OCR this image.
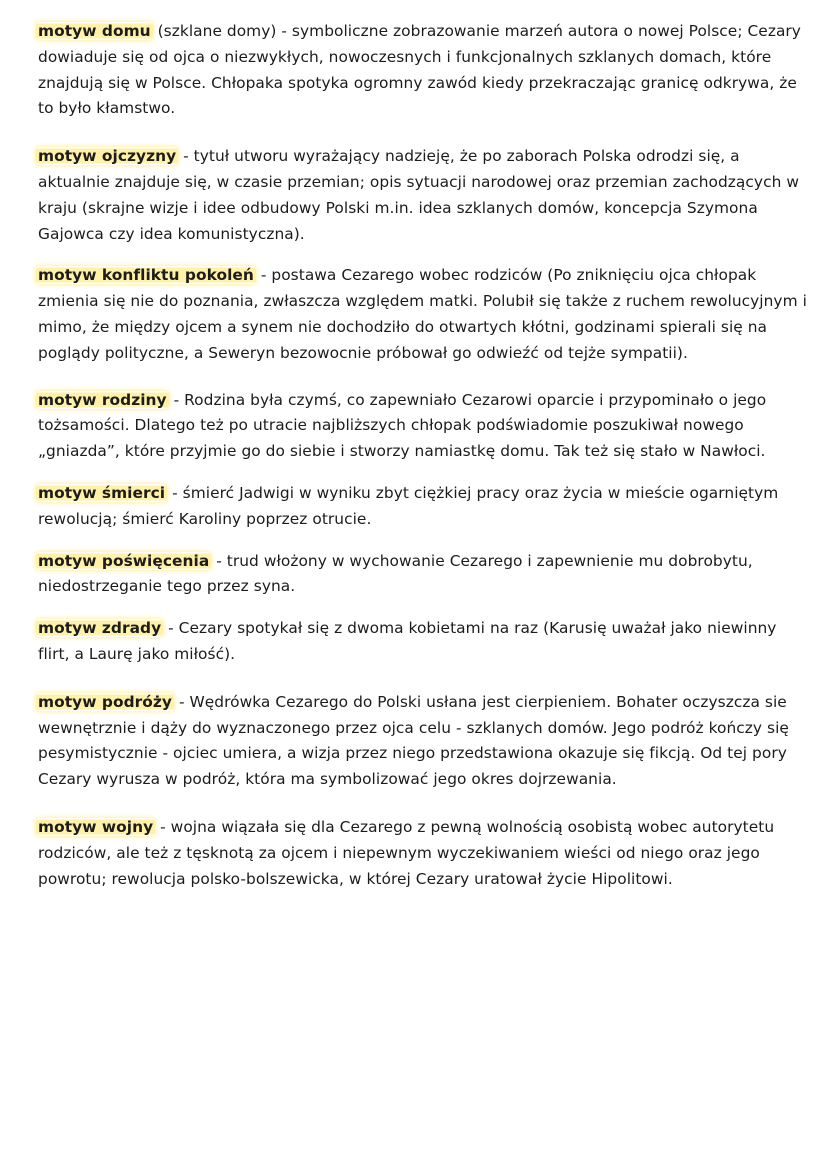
motyw domu (szklane domy) - symboliczne zobrazowanie marzeń autora o nowej Polsce; Cezary dowiaduje się od ojca o niezwykłych, nowoczesnych i funkcjonalnych szklanych domach, które znajdują się w Polsce. Chłopaka spotyka ogromny zawód kiedy przekraczając granicę odkrywa, że to było kłamstwo.

motyw ojczyzny - tytuł utworu wyrażający nadzieję, że po zaborach Polska odrodzi się, a aktualnie znajduje się, w czasie przemian; opis sytuacji narodowej oraz przemian zachodzących w kraju (skrajne wizje i idee odbudowy Polski m.in. idea szklanych domów, koncepcja Szymona Gajowca czy idea komunistyczna).

motyw konfliktu pokoleń - postawa Cezarego wobec rodziców (Po zniknięciu ojca chłopak zmienia się nie do poznania, zwłaszcza względem matki. Polubił się także z ruchem rewolucyjnym i mimo, że między ojcem a synem nie dochodziło do otwartych kłótni, godzinami spierali się na poglądy polityczne, a Seweryn bezowocnie próbował go odwieźć od tejże sympatii).

motyw rodziny - Rodzina była czymś, co zapewniało Cezarowi oparcie i przypominało o jego tożsamości. Dlatego też po utracie najbliższych chłopak podświadomie poszukiwał nowego „gniazda”, które przyjmie go do siebie i stworzy namiastkę domu. Tak też się stało w Nawłoci.

motyw śmierci - śmierć Jadwigi w wyniku zbyt ciężkiej pracy oraz życia w mieście ogarniętym rewolucją; śmierć Karoliny poprzez otrucie.

motyw poświęcenia - trud włożony w wychowanie Cezarego i zapewnienie mu dobrobytu, niedostrzeganie tego przez syna.

motyw zdrady - Cezary spotykał się z dwoma kobietami na raz (Karusię uważał jako niewinny flirt, a Laurę jako miłość).

motyw podróży - Wędrówka Cezarego do Polski usłana jest cierpieniem. Bohater oczyszcza sie wewnętrznie i dąży do wyznaczonego przez ojca celu - szklanych domów. Jego podróż kończy się pesymistycznie - ojciec umiera, a wizja przez niego przedstawiona okazuje się fikcją. Od tej pory Cezary wyrusza w podróż, która ma symbolizować jego okres dojrzewania.

motyw wojny - wojna wiązała się dla Cezarego z pewną wolnością osobistą wobec autorytetu rodziców, ale też z tęsknotą za ojcem i niepewnym wyczekiwaniem wieści od niego oraz jego powrotu; rewolucja polsko-bolszewicka, w której Cezary uratował życie Hipolitowi.
